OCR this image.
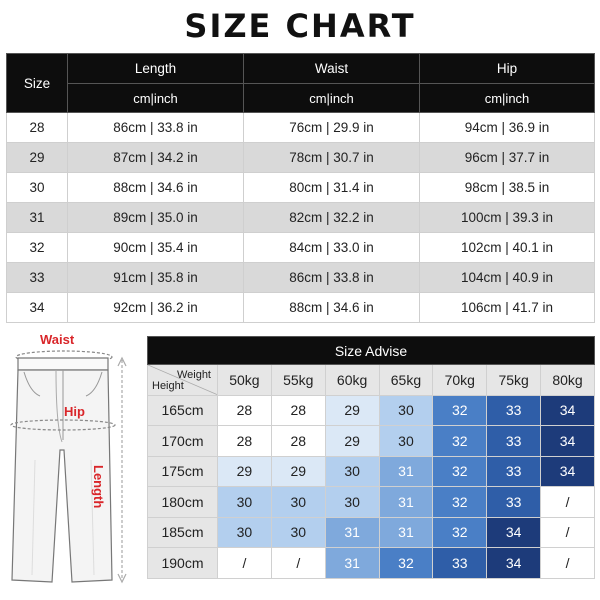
SIZE CHART
Size	Length	Waist	Hip
	cm|inch	cm|inch	cm|inch
28	86cm | 33.8 in	76cm | 29.9 in	94cm | 36.9 in
29	87cm | 34.2 in	78cm | 30.7 in	96cm | 37.7 in
30	88cm | 34.6 in	80cm | 31.4 in	98cm | 38.5 in
31	89cm | 35.0 in	82cm | 32.2 in	100cm | 39.3 in
32	90cm | 35.4 in	84cm | 33.0 in	102cm | 40.1 in
33	91cm | 35.8 in	86cm | 33.8 in	104cm | 40.9 in
34	92cm | 36.2 in	88cm | 34.6 in	106cm | 41.7 in
Waist
Hip
Length
Size Advise							

Weight
Height	50kg	55kg	60kg	65kg	70kg	75kg	80kg
165cm	28	28	29	30	32	33	34
170cm	28	28	29	30	32	33	34
175cm	29	29	30	31	32	33	34
180cm	30	30	30	31	32	33	/
185cm	30	30	31	31	32	34	/
190cm	/	/	31	32	33	34	/
